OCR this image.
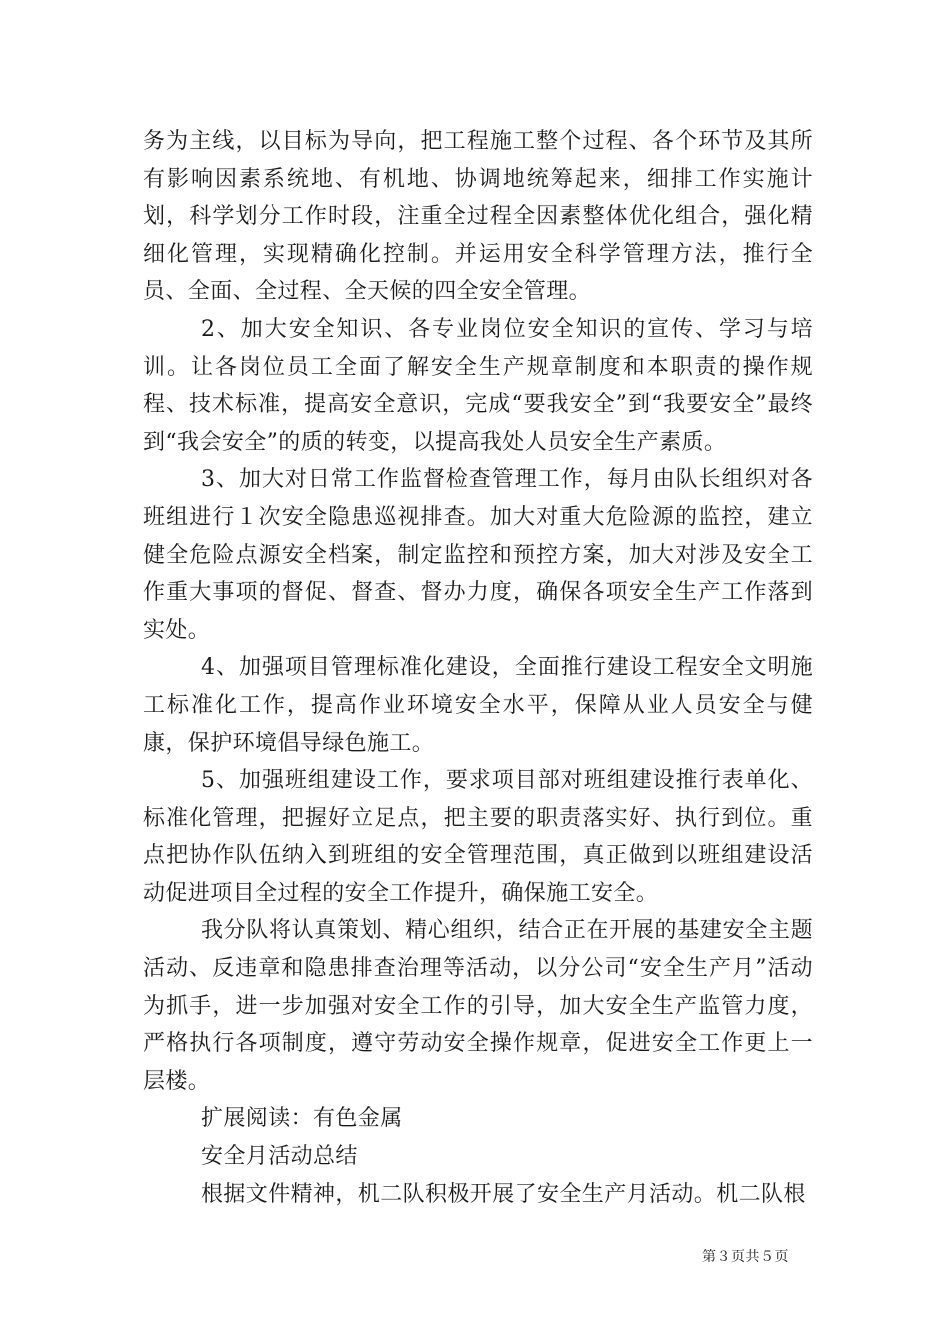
务为主线，以目标为导向，把工程施工整个过程、各个环节及其所有影响因素系统地、有机地、协调地统筹起来，细排工作实施计划，科学划分工作时段，注重全过程全因素整体优化组合，强化精细化管理，实现精确化控制。并运用安全科学管理方法，推行全员、全面、全过程、全天候的四全安全管理。

2、加大安全知识、各专业岗位安全知识的宣传、学习与培训。让各岗位员工全面了解安全生产规章制度和本职责的操作规程、技术标准，提高安全意识，完成“要我安全”到“我要安全”最终到“我会安全”的质的转变，以提高我处人员安全生产素质。

3、加大对日常工作监督检查管理工作，每月由队长组织对各班组进行１次安全隐患巡视排查。加大对重大危险源的监控，建立健全危险点源安全档案，制定监控和预控方案，加大对涉及安全工作重大事项的督促、督查、督办力度，确保各项安全生产工作落到实处。

4、加强项目管理标准化建设，全面推行建设工程安全文明施工标准化工作，提高作业环境安全水平，保障从业人员安全与健康，保护环境倡导绿色施工。

5、加强班组建设工作，要求项目部对班组建设推行表单化、标准化管理，把握好立足点，把主要的职责落实好、执行到位。重点把协作队伍纳入到班组的安全管理范围，真正做到以班组建设活动促进项目全过程的安全工作提升，确保施工安全。

我分队将认真策划、精心组织，结合正在开展的基建安全主题活动、反违章和隐患排查治理等活动，以分公司“安全生产月”活动为抓手，进一步加强对安全工作的引导，加大安全生产监管力度，严格执行各项制度，遵守劳动安全操作规章，促进安全工作更上一层楼。

扩展阅读：有色金属

安全月活动总结

根据文件精神，机二队积极开展了安全生产月活动。机二队根

第３页共５页
